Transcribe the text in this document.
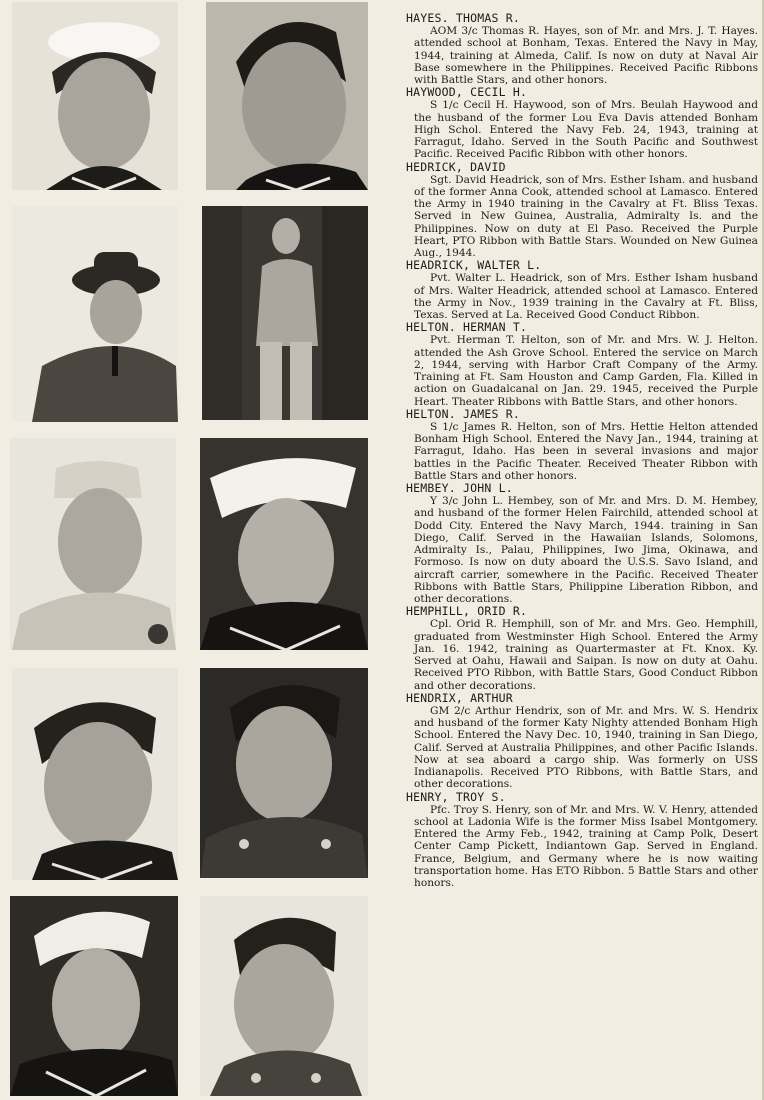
HAYES. THOMAS R.

AOM 3/c Thomas R. Hayes, son of Mr. and Mrs. J. T. Hayes. attended school at Bonham, Texas. Entered the Navy in May, 1944, training at Almeda, Calif. Is now on duty at Naval Air Base somewhere in the Philippines. Received Pacific Ribbons with Battle Stars, and other honors.

HAYWOOD, CECIL H.

S 1/c Cecil H. Haywood, son of Mrs. Beulah Haywood and the husband of the former Lou Eva Davis attended Bonham High Schol. Entered the Navy Feb. 24, 1943, training at Farragut, Idaho. Served in the South Pacific and Southwest Pacific. Received Pacific Ribbon with other honors.

HEDRICK, DAVID

Sgt. David Headrick, son of Mrs. Esther Isham. and husband of the former Anna Cook, attended school at Lamasco. Entered the Army in 1940 training in the Cavalry at Ft. Bliss Texas. Served in New Guinea, Australia, Admiralty Is. and the Philippines. Now on duty at El Paso. Received the Purple Heart, PTO Ribbon with Battle Stars. Wounded on New Guinea Aug., 1944.

HEADRICK, WALTER L.

Pvt. Walter L. Headrick, son of Mrs. Esther Isham husband of Mrs. Walter Headrick, attended school at Lamasco. Entered the Army in Nov., 1939 training in the Cavalry at Ft. Bliss, Texas. Served at La. Received Good Conduct Ribbon.

HELTON. HERMAN T.

Pvt. Herman T. Helton, son of Mr. and Mrs. W. J. Helton. attended the Ash Grove School. Entered the service on March 2, 1944, serving with Harbor Craft Company of the Army. Training at Ft. Sam Houston and Camp Garden, Fla. Killed in action on Guadalcanal on Jan. 29. 1945, received the Purple Heart. Theater Ribbons with Battle Stars, and other honors.

HELTON. JAMES R.

S 1/c James R. Helton, son of Mrs. Hettie Helton attended Bonham High School. Entered the Navy Jan., 1944, training at Farragut, Idaho. Has been in several invasions and major battles in the Pacific Theater. Received Theater Ribbon with Battle Stars and other honors.

HEMBEY. JOHN L.

Y 3/c John L. Hembey, son of Mr. and Mrs. D. M. Hembey, and husband of the former Helen Fairchild, attended school at Dodd City. Entered the Navy March, 1944. training in San Diego, Calif. Served in the Hawaiian Islands, Solomons, Admiralty Is., Palau, Philippines, Iwo Jima, Okinawa, and Formoso. Is now on duty aboard the U.S.S. Savo Island, and aircraft carrier, somewhere in the Pacific. Received Theater Ribbons with Battle Stars, Philippine Liberation Ribbon, and other decorations.

HEMPHILL, ORID R.

Cpl. Orid R. Hemphill, son of Mr. and Mrs. Geo. Hemphill, graduated from Westminster High School. Entered the Army Jan. 16. 1942, training as Quartermaster at Ft. Knox. Ky. Served at Oahu, Hawaii and Saipan. Is now on duty at Oahu. Received PTO Ribbon, with Battle Stars, Good Conduct Ribbon and other decorations.

HENDRIX, ARTHUR

GM 2/c Arthur Hendrix, son of Mr. and Mrs. W. S. Hendrix and husband of the former Katy Nighty attended Bonham High School. Entered the Navy Dec. 10, 1940, training in San Diego, Calif. Served at Australia Philippines, and other Pacific Islands. Now at sea aboard a cargo ship. Was formerly on USS Indianapolis. Received PTO Ribbons, with Battle Stars, and other decorations.

HENRY, TROY S.

Pfc. Troy S. Henry, son of Mr. and Mrs. W. V. Henry, attended school at Ladonia Wife is the former Miss Isabel Montgomery. Entered the Army Feb., 1942, training at Camp Polk, Desert Center Camp Pickett, Indiantown Gap. Served in England. France, Belgium, and Germany where he is now waiting transportation home. Has ETO Ribbon. 5 Battle Stars and other honors.
